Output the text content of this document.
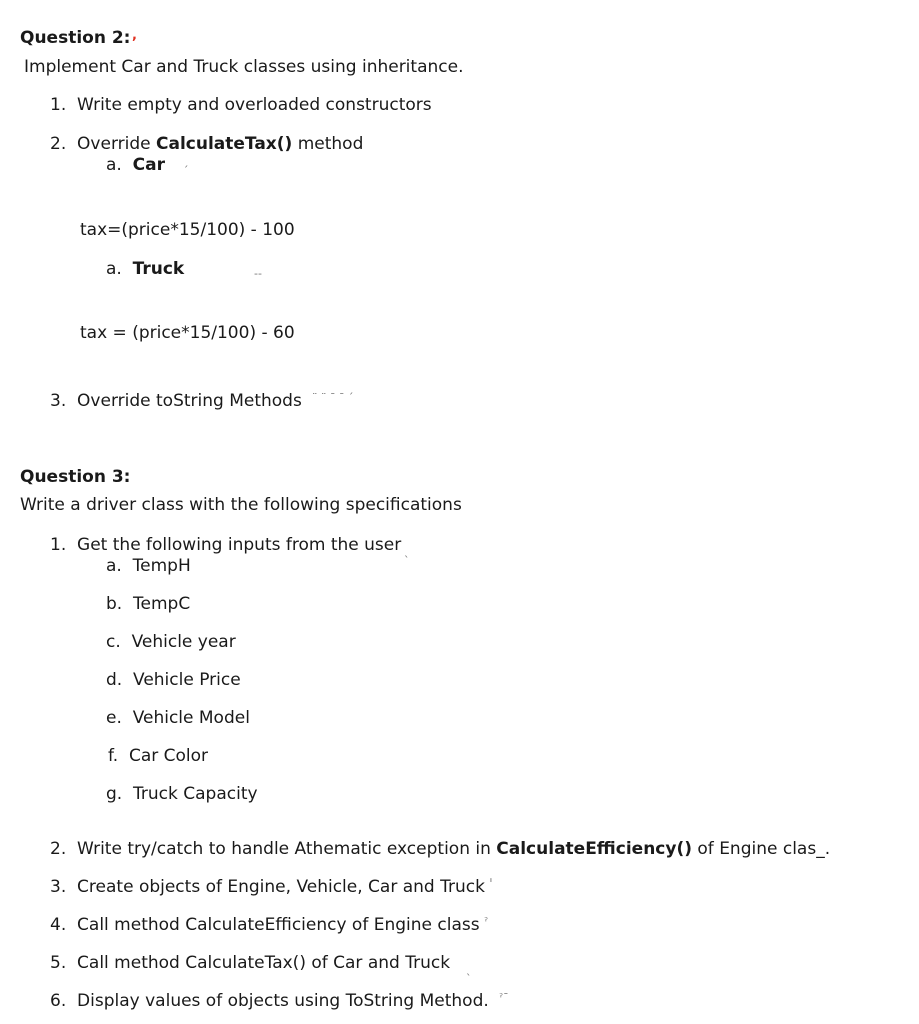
Question 2: ,
Implement Car and Truck classes using inheritance.
1. Write empty and overloaded constructors
2. Override CalculateTax() method
a. Car ´
tax=(price*15/100) - 100
a. Truck	--
tax = (price*15/100) - 60
3. Override toString Methods ¨ ¨ ˉ ˉ ´
Question 3:
Write a driver class with the following specifications
1. Get the following inputs from the user ˎ
a. TempH
b. TempC
c. Vehicle year
d. Vehicle Price
e. Vehicle Model
f. Car Color
g. Truck Capacity
2. Write try/catch to handle Athematic exception in CalculateEfficiency() of Engine clas_.
3. Create objects of Engine, Vehicle, Car and Truck ˈ
4. Call method CalculateEfficiency of Engine class ˀ
5. Call method CalculateTax() of Car and Truck ˎ
6. Display values of objects using ToString Method. ˀˉ
